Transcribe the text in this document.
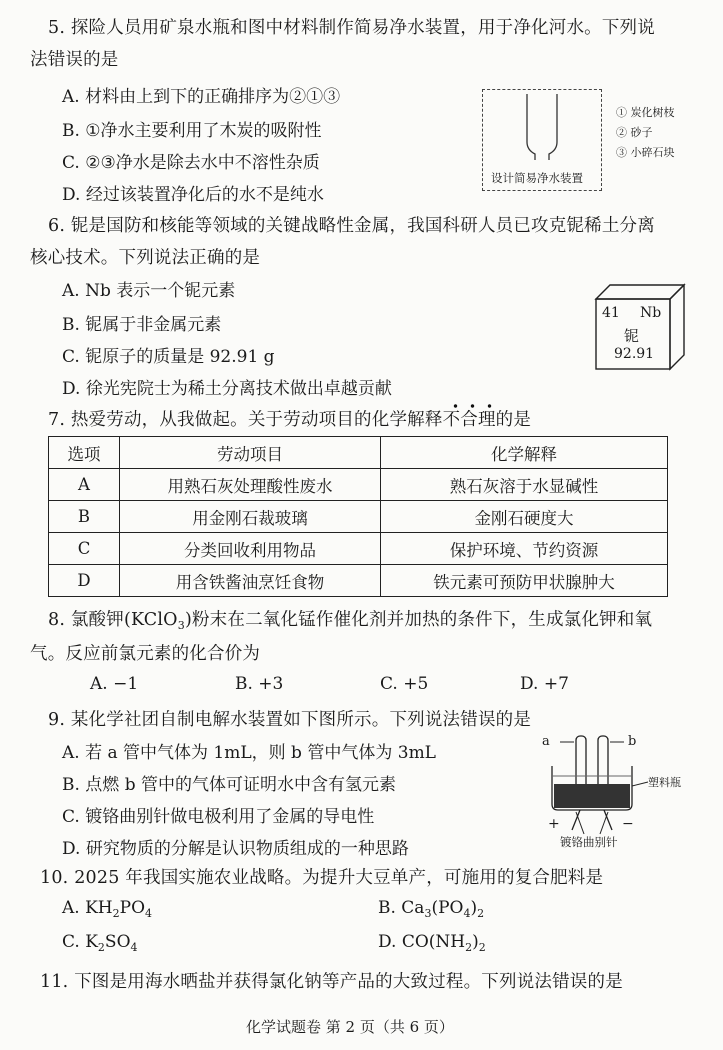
5. 探险人员用矿泉水瓶和图中材料制作简易净水装置，用于净化河水。下列说
法错误的是
A. 材料由上到下的正确排序为②①③
B. ①净水主要利用了木炭的吸附性
C. ②③净水是除去水中不溶性杂质
D. 经过该装置净化后的水不是纯水
设计简易净水装置
① 炭化树枝
② 砂子
③ 小碎石块
6. 铌是国防和核能等领域的关键战略性金属，我国科研人员已攻克铌稀土分离
核心技术。下列说法正确的是
A. Nb 表示一个铌元素
B. 铌属于非金属元素
C. 铌原子的质量是 92.91 g
D. 徐光宪院士为稀土分离技术做出卓越贡献
41 Nb
铌
92.91
7. 热爱劳动，从我做起。关于劳动项目的化学解释不合理的是
选项	劳动项目	化学解释
A	用熟石灰处理酸性废水	熟石灰溶于水显碱性
B	用金刚石裁玻璃	金刚石硬度大
C	分类回收利用物品	保护环境、节约资源
D	用含铁酱油烹饪食物	铁元素可预防甲状腺肿大
8. 氯酸钾(KClO$_3$)粉末在二氧化锰作催化剂并加热的条件下，生成氯化钾和氧
气。反应前氯元素的化合价为
A. −1	B. +3	C. +5	D. +7
9. 某化学社团自制电解水装置如下图所示。下列说法错误的是
A. 若 a 管中气体为 1mL，则 b 管中气体为 3mL
B. 点燃 b 管中的气体可证明水中含有氢元素
C. 镀铬曲别针做电极利用了金属的导电性
D. 研究物质的分解是认识物质组成的一种思路
a	b
塑料瓶
+	−
镀铬曲别针
10. 2025 年我国实施农业战略。为提升大豆单产，可施用的复合肥料是
A. $KH_2PO_4$	B. $Ca_3(PO_4)_2$
C. $K_2SO_4$	D. $CO(NH_2)_2$
11. 下图是用海水晒盐并获得氯化钠等产品的大致过程。下列说法错误的是
化学试题卷 第 2 页（共 6 页）
